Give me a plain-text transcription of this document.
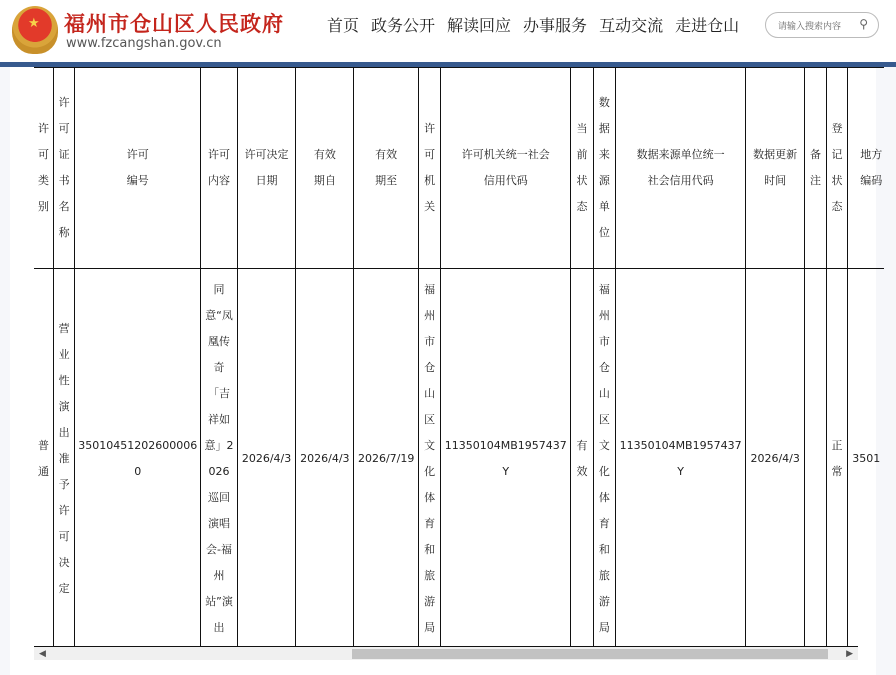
★ 福州市仓山区人民政府
www.fzcangshan.gov.cn
首页 政务公开 解读回应 办事服务 互动交流 走进仓山	请输入搜索内容 ⚲
许可类别	许可证书名称	许可编号	许可内容	许可决定日期	有效期自	有效期至	许可机关	许可机关统一社会信用代码	当前状态	数据来源单位	数据来源单位统一社会信用代码	数据更新时间	备注	登记状态	地方编码
普通	营业性演出准予许可决定	350104512026000060	同意“凤凰传奇「吉祥如意」2026巡回演唱会-福州站”演出	2026/4/3	2026/4/3	2026/7/19	福州市仓山区文化体育和旅游局	11350104MB1957437Y	有效	福州市仓山区文化体育和旅游局	11350104MB1957437Y	2026/4/3		正常	3501
◀	▶
